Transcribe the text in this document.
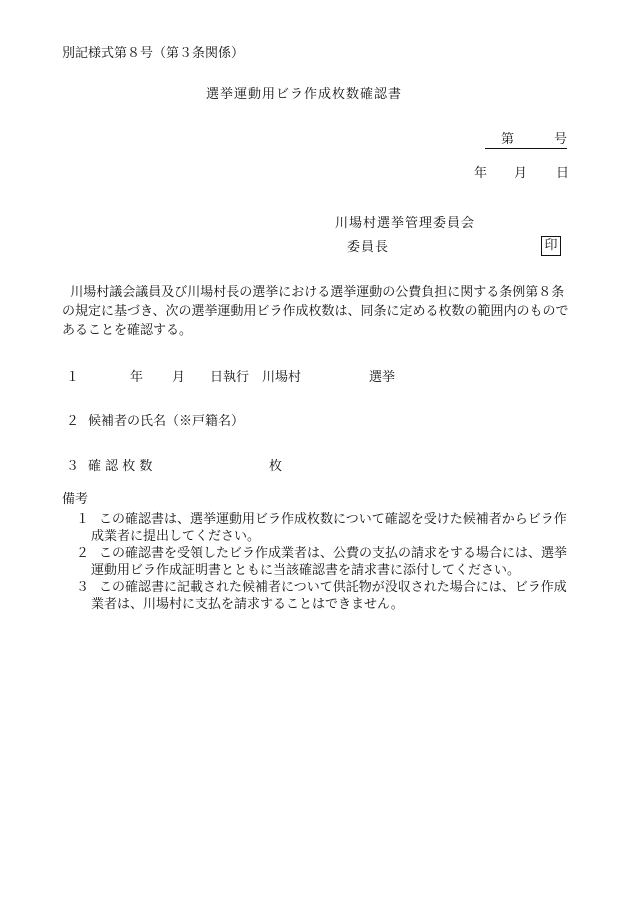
別記様式第８号（第３条関係）
選挙運動用ビラ作成枚数確認書
第	号

年 月 日
川場村選挙管理委員会
委員長	印
川場村議会議員及び川場村長の選挙における選挙運動の公費負担に関する条例第８条の規定に基づき、次の選挙運動用ビラ作成枚数は、同条に定める枚数の範囲内のものであることを確認する。
１	年 月 日執行 川場村	選挙
２ 候補者の氏名（※戸籍名）
３ 確 認 枚 数	枚
備考
１ この確認書は、選挙運動用ビラ作成枚数について確認を受けた候補者からビラ作成業者に提出してください。
２ この確認書を受領したビラ作成業者は、公費の支払の請求をする場合には、選挙運動用ビラ作成証明書とともに当該確認書を請求書に添付してください。
３ この確認書に記載された候補者について供託物が没収された場合には、ビラ作成業者は、川場村に支払を請求することはできません。
